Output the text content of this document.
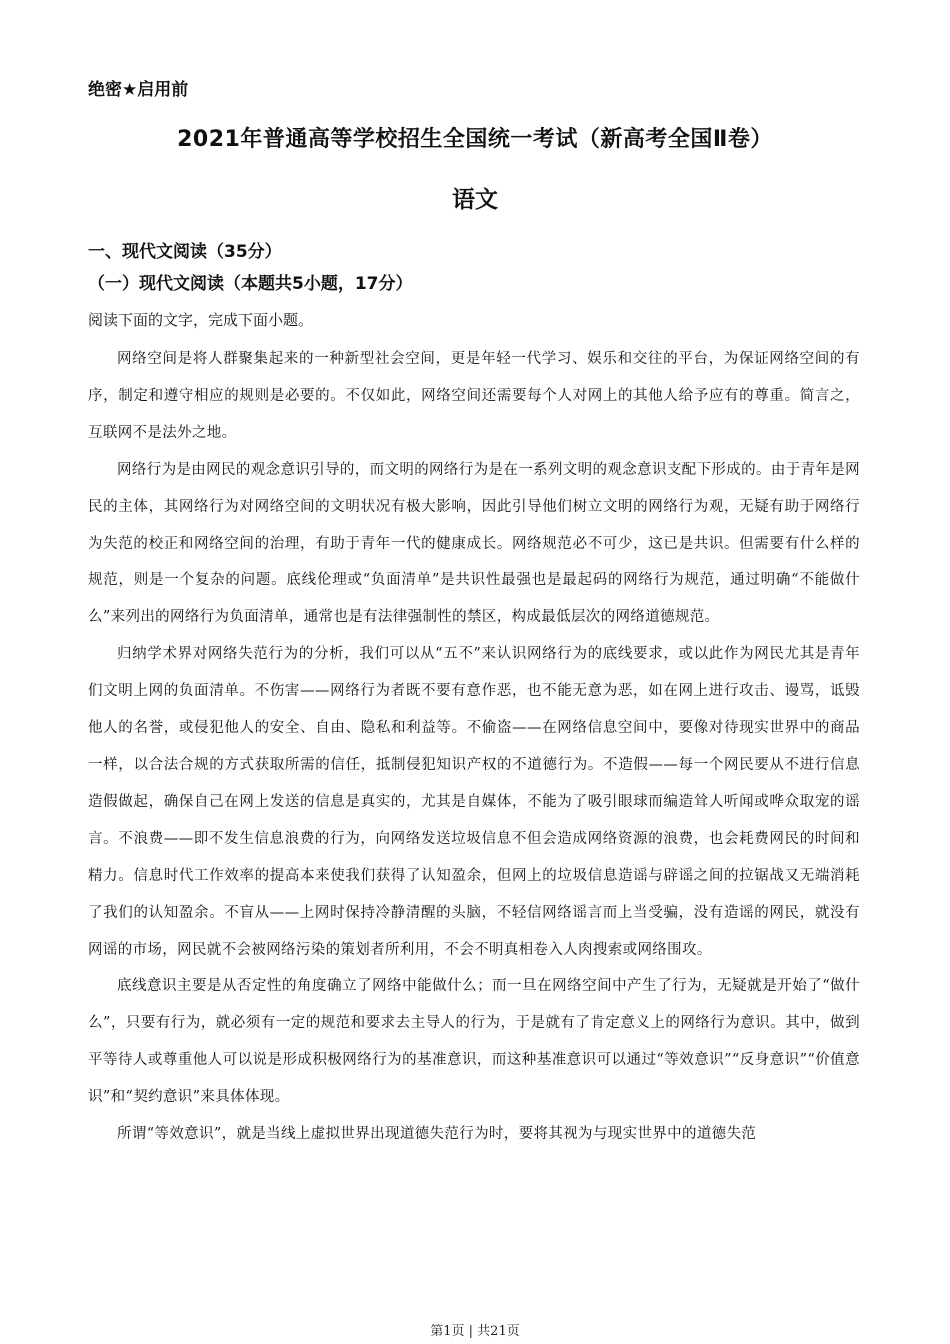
绝密★启用前
2021年普通高等学校招生全国统一考试（新高考全国Ⅱ卷）
语文
一、现代文阅读（35分）
（一）现代文阅读（本题共5小题，17分）
阅读下面的文字，完成下面小题。

网络空间是将人群聚集起来的一种新型社会空间，更是年轻一代学习、娱乐和交往的平台，为保证网络空间的有序，制定和遵守相应的规则是必要的。不仅如此，网络空间还需要每个人对网上的其他人给予应有的尊重。简言之，互联网不是法外之地。

网络行为是由网民的观念意识引导的，而文明的网络行为是在一系列文明的观念意识支配下形成的。由于青年是网民的主体，其网络行为对网络空间的文明状况有极大影响，因此引导他们树立文明的网络行为观，无疑有助于网络行为失范的校正和网络空间的治理，有助于青年一代的健康成长。网络规范必不可少，这已是共识。但需要有什么样的规范，则是一个复杂的问题。底线伦理或“负面清单”是共识性最强也是最起码的网络行为规范，通过明确“不能做什么”来列出的网络行为负面清单，通常也是有法律强制性的禁区，构成最低层次的网络道德规范。

归纳学术界对网络失范行为的分析，我们可以从“五不”来认识网络行为的底线要求，或以此作为网民尤其是青年们文明上网的负面清单。不伤害——网络行为者既不要有意作恶，也不能无意为恶，如在网上进行攻击、谩骂，诋毁他人的名誉，或侵犯他人的安全、自由、隐私和利益等。不偷盗——在网络信息空间中，要像对待现实世界中的商品一样，以合法合规的方式获取所需的信任，抵制侵犯知识产权的不道德行为。不造假——每一个网民要从不进行信息造假做起，确保自己在网上发送的信息是真实的，尤其是自媒体，不能为了吸引眼球而编造耸人听闻或哗众取宠的谣言。不浪费——即不发生信息浪费的行为，向网络发送垃圾信息不但会造成网络资源的浪费，也会耗费网民的时间和精力。信息时代工作效率的提高本来使我们获得了认知盈余，但网上的垃圾信息造谣与辟谣之间的拉锯战又无端消耗了我们的认知盈余。不盲从——上网时保持冷静清醒的头脑，不轻信网络谣言而上当受骗，没有造谣的网民，就没有网谣的市场，网民就不会被网络污染的策划者所利用，不会不明真相卷入人肉搜索或网络围攻。

底线意识主要是从否定性的角度确立了网络中能做什么；而一旦在网络空间中产生了行为，无疑就是开始了“做什么”，只要有行为，就必须有一定的规范和要求去主导人的行为，于是就有了肯定意义上的网络行为意识。其中，做到平等待人或尊重他人可以说是形成积极网络行为的基准意识，而这种基准意识可以通过“等效意识”“反身意识”“价值意识”和“契约意识”来具体体现。

所谓“等效意识”，就是当线上虚拟世界出现道德失范行为时，要将其视为与现实世界中的道德失范

第1页 | 共21页
